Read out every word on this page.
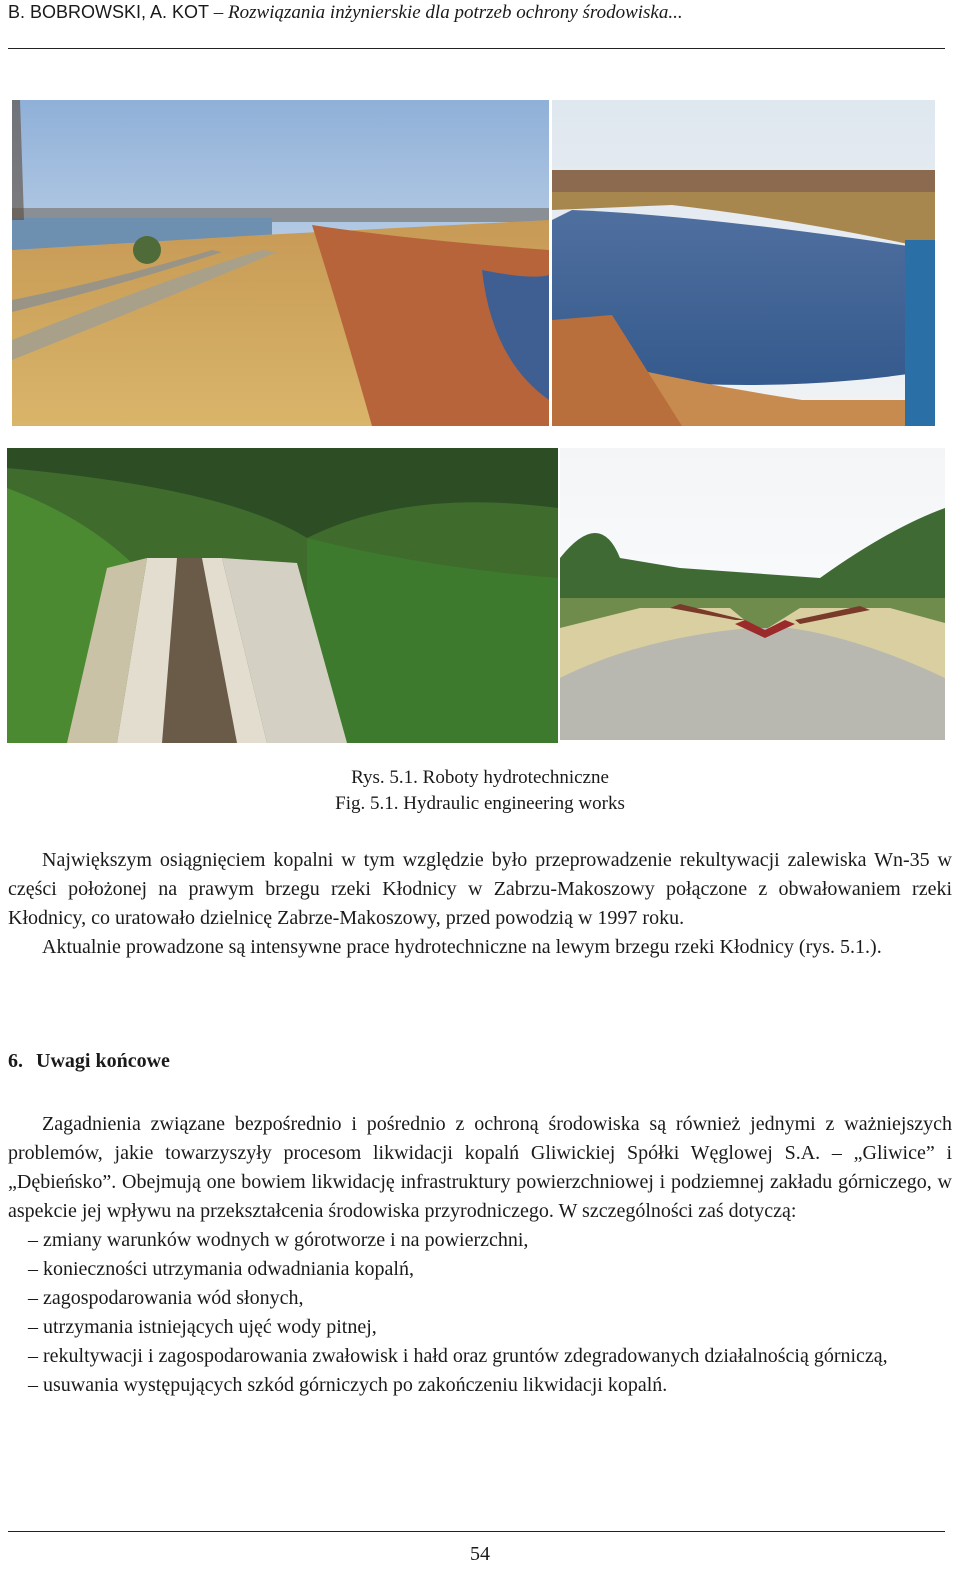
B. BOBROWSKI, A. KOT – Rozwiązania inżynierskie dla potrzeb ochrony środowiska...
Rys. 5.1. Roboty hydrotechniczne
Fig. 5.1. Hydraulic engineering works

Największym osiągnięciem kopalni w tym względzie było przeprowadzenie rekultywacji zalewiska Wn-35 w części położonej na prawym brzegu rzeki Kłodnicy w Zabrzu-Makoszowy połączone z obwałowaniem rzeki Kłodnicy, co uratowało dzielnicę Zabrze-Makoszowy, przed powodzią w 1997 roku.

Aktualnie prowadzone są intensywne prace hydrotechniczne na lewym brzegu rzeki Kłodnicy (rys. 5.1.).

6. Uwagi końcowe

Zagadnienia związane bezpośrednio i pośrednio z ochroną środowiska są również jednymi z ważniejszych problemów, jakie towarzyszyły procesom likwidacji kopalń Gliwickiej Spółki Węglowej S.A. – „Gliwice” i „Dębieńsko”. Obejmują one bowiem likwidację infrastruktury powierzchniowej i podziemnej zakładu górniczego, w aspekcie jej wpływu na przekształcenia środowiska przyrodniczego. W szczególności zaś dotyczą:

– zmiany warunków wodnych w górotworze i na powierzchni,
– konieczności utrzymania odwadniania kopalń,
– zagospodarowania wód słonych,
– utrzymania istniejących ujęć wody pitnej,
– rekultywacji i zagospodarowania zwałowisk i hałd oraz gruntów zdegradowanych działalnością górniczą,
– usuwania występujących szkód górniczych po zakończeniu likwidacji kopalń.
54
